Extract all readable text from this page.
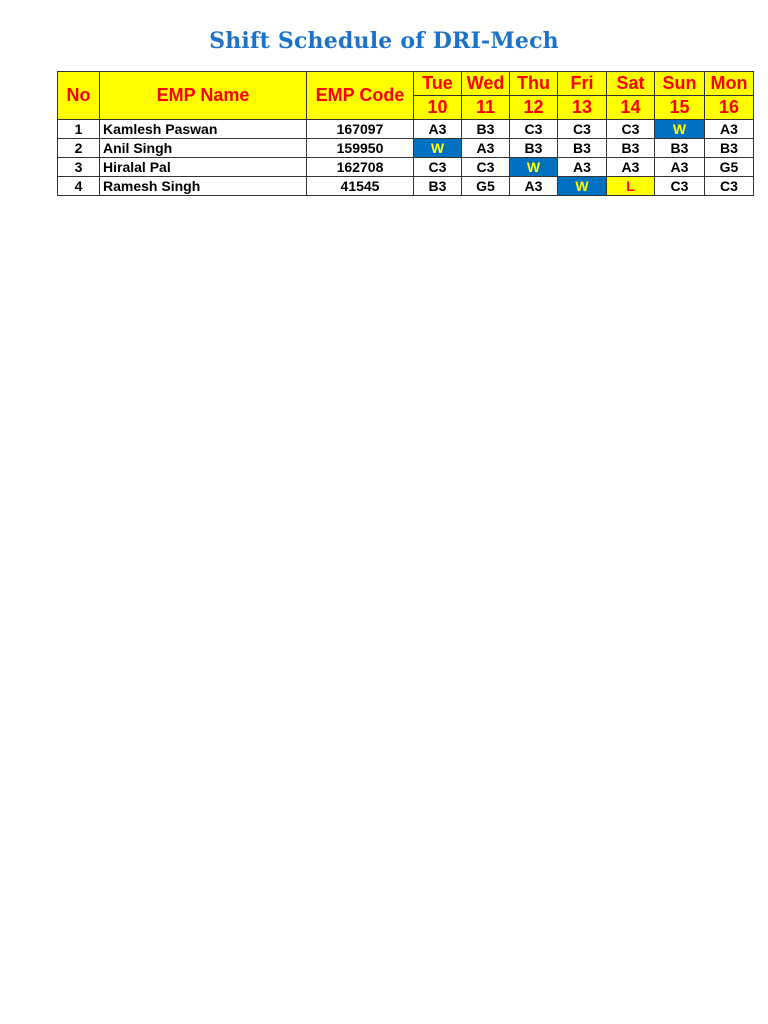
Shift Schedule of DRI-Mech
No	EMP Name	EMP Code	Tue	Wed	Thu	Fri	Sat	Sun	Mon
			10	11	12	13	14	15	16
1	Kamlesh Paswan	167097	A3	B3	C3	C3	C3	W	A3
2	Anil Singh	159950	W	A3	B3	B3	B3	B3	B3
3	Hiralal Pal	162708	C3	C3	W	A3	A3	A3	G5
4	Ramesh Singh	41545	B3	G5	A3	W	L	C3	C3
